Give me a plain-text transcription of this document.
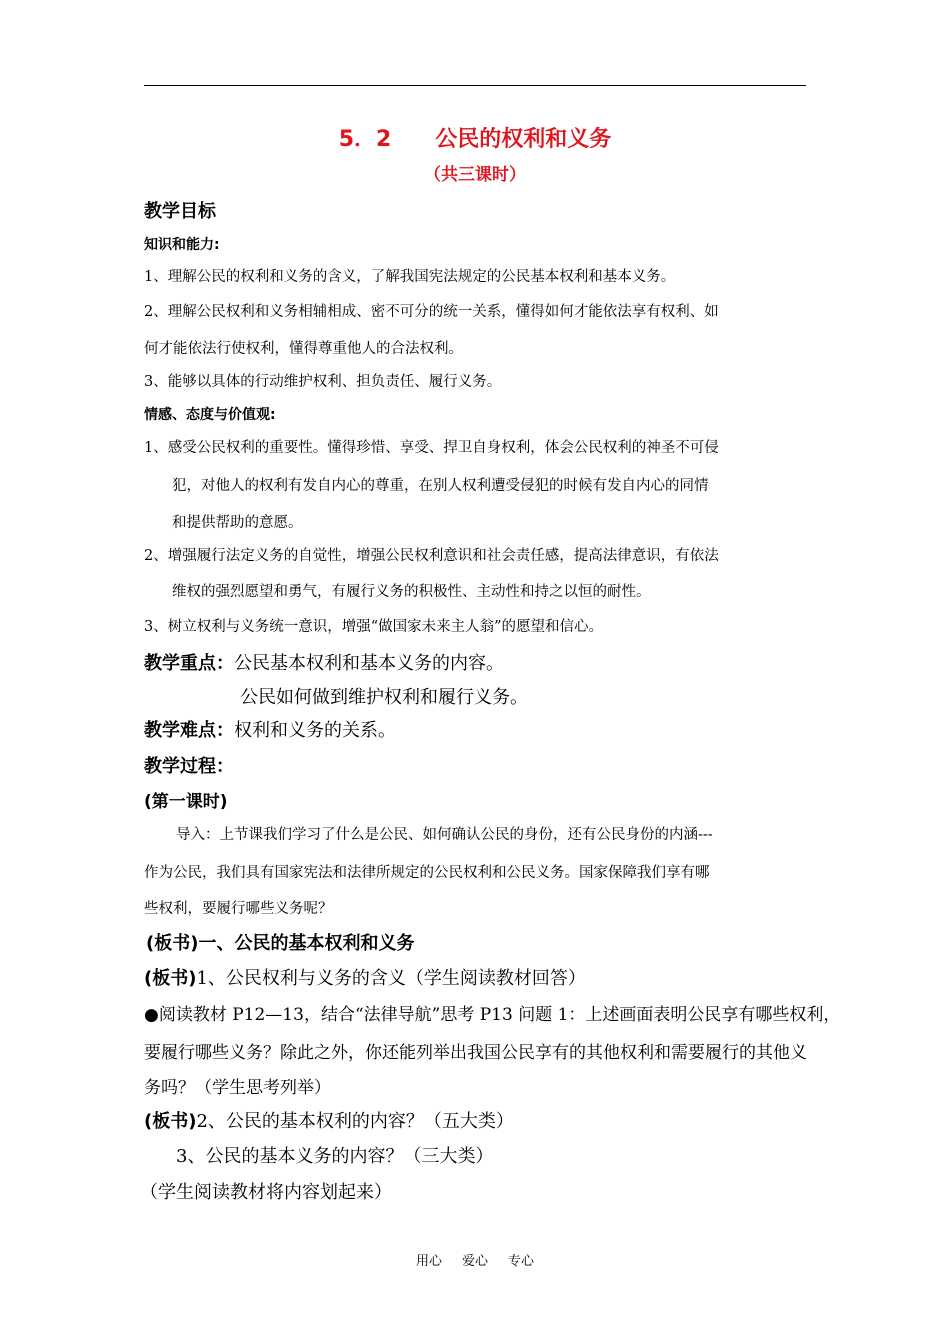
5．2　　公民的权利和义务
（共三课时）
教学目标
知识和能力:
1、理解公民的权利和义务的含义，了解我国宪法规定的公民基本权利和基本义务。
2、理解公民权利和义务相辅相成、密不可分的统一关系，懂得如何才能依法享有权利、如
何才能依法行使权利，懂得尊重他人的合法权利。
3、能够以具体的行动维护权利、担负责任、履行义务。
情感、态度与价值观:
1、感受公民权利的重要性。懂得珍惜、享受、捍卫自身权利，体会公民权利的神圣不可侵
犯，对他人的权利有发自内心的尊重，在别人权利遭受侵犯的时候有发自内心的同情
和提供帮助的意愿。
2、增强履行法定义务的自觉性，增强公民权利意识和社会责任感，提高法律意识，有依法
维权的强烈愿望和勇气，有履行义务的积极性、主动性和持之以恒的耐性。
3、树立权利与义务统一意识，增强“做国家未来主人翁”的愿望和信心。
教学重点：公民基本权利和基本义务的内容。
公民如何做到维护权利和履行义务。
教学难点：权利和义务的关系。
教学过程：
(第一课时)
导入：上节课我们学习了什么是公民、如何确认公民的身份，还有公民身份的内涵---
作为公民，我们具有国家宪法和法律所规定的公民权利和公民义务。国家保障我们享有哪
些权利，要履行哪些义务呢？
(板书)一、公民的基本权利和义务
(板书)1、公民权利与义务的含义（学生阅读教材回答）
●阅读教材 P12—13，结合“法律导航”思考 P13 问题 1：上述画面表明公民享有哪些权利，
要履行哪些义务？除此之外，你还能列举出我国公民享有的其他权利和需要履行的其他义
务吗？（学生思考列举）
(板书)2、公民的基本权利的内容？（五大类）
3、公民的基本义务的内容？（三大类）
（学生阅读教材将内容划起来）
用心 爱心 专心
